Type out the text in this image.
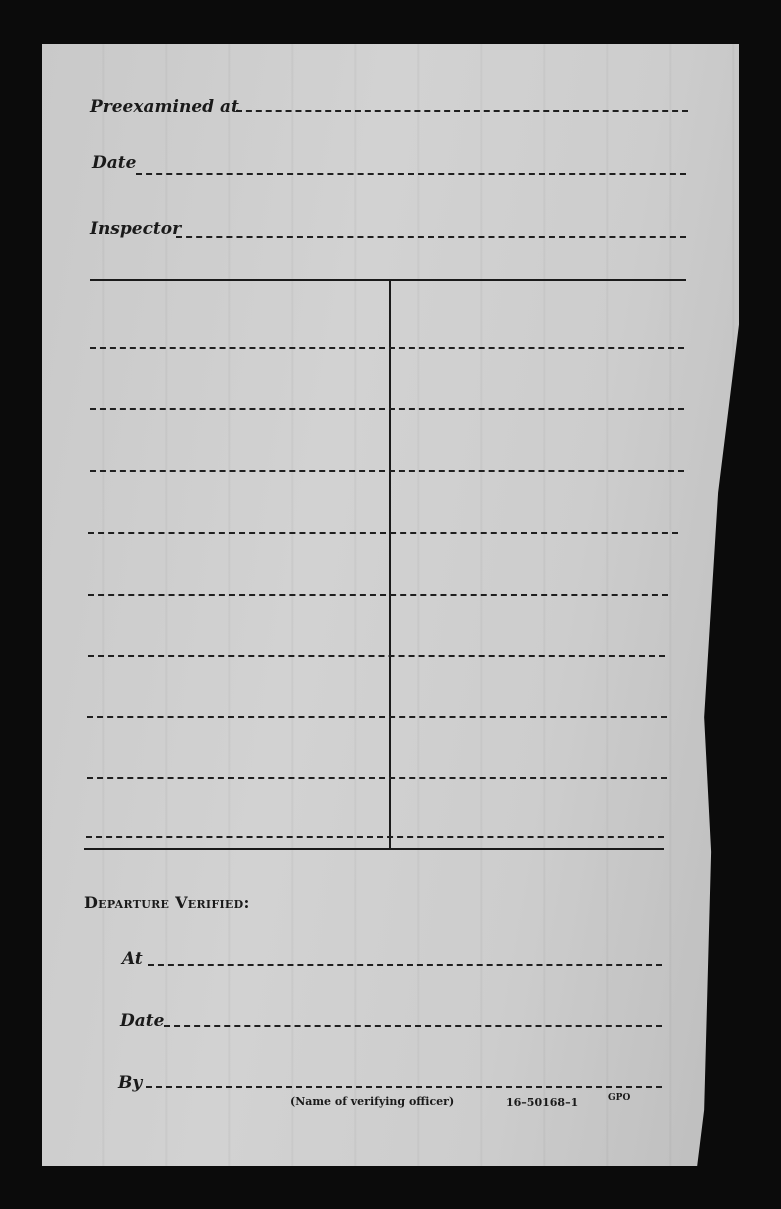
Preexamined at
Date
Inspector
Departure Verified:
At
Date
By
(Name of verifying officer)	16–50168–1	GPO
